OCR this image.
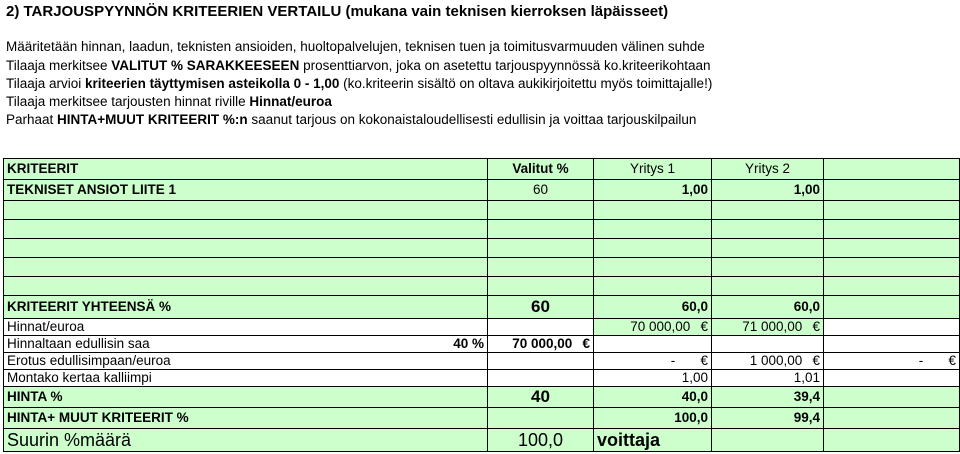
2) TARJOUSPYYNNÖN KRITEERIEN VERTAILU (mukana vain teknisen kierroksen läpäisseet)
Määritetään hinnan, laadun, teknisten ansioiden, huoltopalvelujen, teknisen tuen ja toimitusvarmuuden välinen suhde
Tilaaja merkitsee VALITUT % SARAKKEESEEN prosenttiarvon, joka on asetettu tarjouspyynnössä ko.kriteerikohtaan
Tilaaja arvioi kriteerien täyttymisen asteikolla 0 - 1,00 (ko.kriteerin sisältö on oltava aukikirjoitettu myös toimittajalle!)
Tilaaja merkitsee tarjousten hinnat riville Hinnat/euroa
Parhaat HINTA+MUUT KRITEERIT %:n saanut tarjous on kokonaistaloudellisesti edullisin ja voittaa tarjouskilpailun
KRITEERIT		Valitut %	Yritys 1	Yritys 2	
TEKNISET ANSIOT LIITE 1		60	1,00	1,00	

KRITEERIT YHTEENSÄ %		60	60,0	60,0	
Hinnat/euroa			70 000,00 €	71 000,00 €	
Hinnaltaan edullisin saa	40 %	70 000,00 €			
Erotus edullisimpaan/euroa			- €	1 000,00 €	- €
Montako kertaa kalliimpi			1,00	1,01	
HINTA %		40	40,0	39,4	
HINTA+ MUUT KRITEERIT %			100,0	99,4	
Suurin %määrä		100,0	voittaja		
